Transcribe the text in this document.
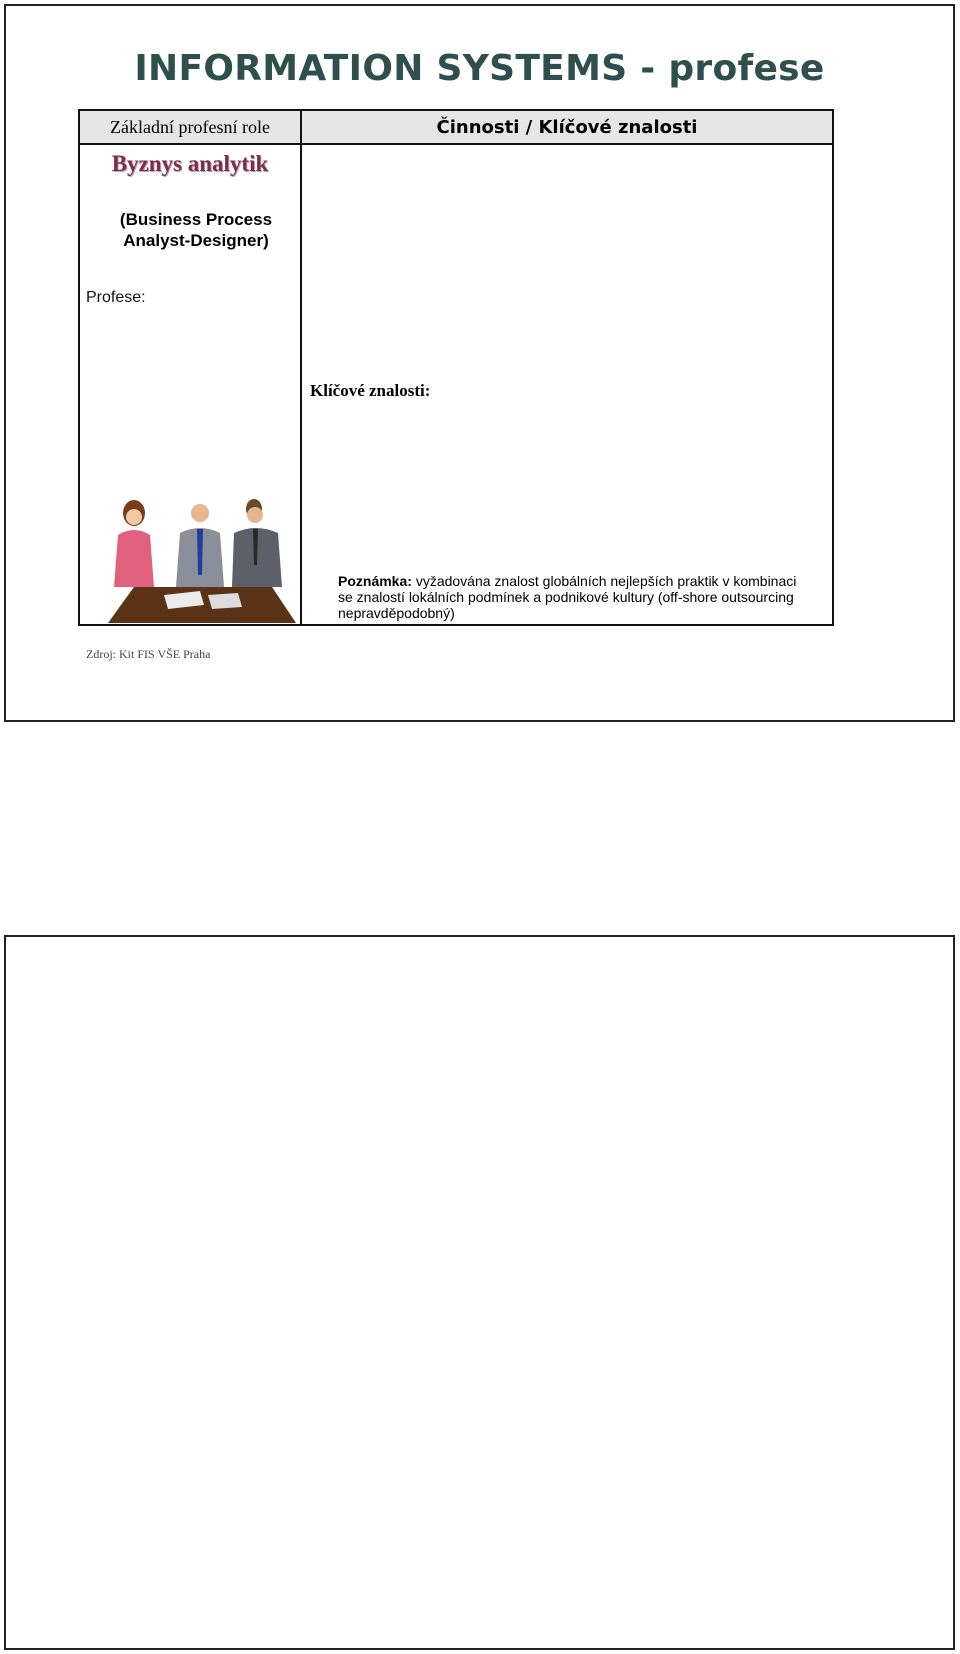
INFORMATION SYSTEMS - profese
Základní profesní role	Činnosti / Klíčové znalosti
Byznys analytik
(Business Process Analyst-Designer)
Profese:
Klíčové znalosti:
Poznámka: vyžadována znalost globálních nejlepších praktik v kombinaci se znalostí lokálních podmínek a podnikové kultury (off-shore outsourcing nepravděpodobný)
Zdroj: Kit FIS VŠE Praha
